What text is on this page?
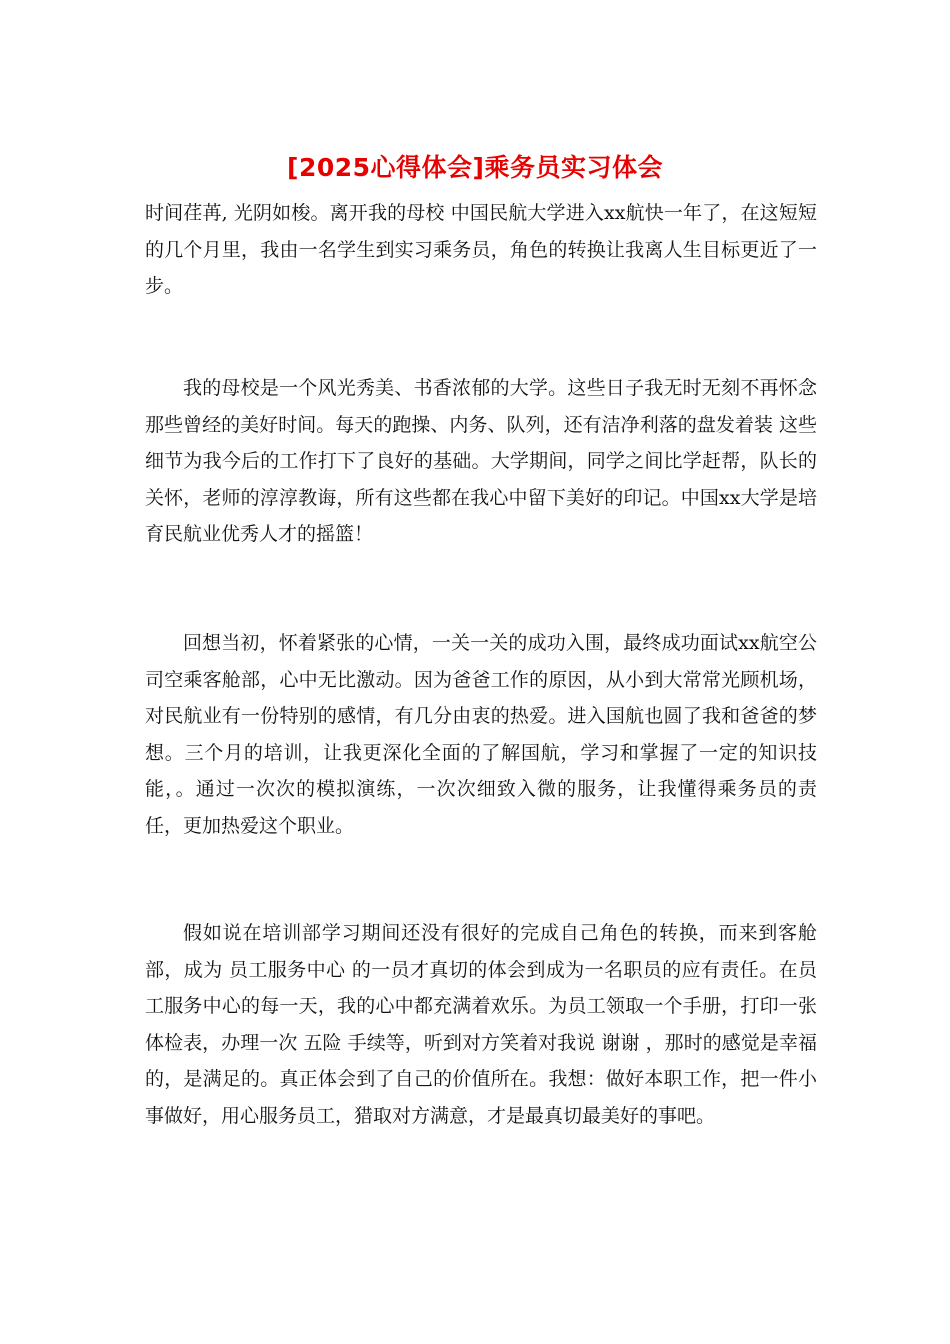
[2025心得体会]乘务员实习体会

时间荏苒, 光阴如梭。离开我的母校 中国民航大学进入xx航快一年了，在这短短的几个月里，我由一名学生到实习乘务员，角色的转换让我离人生目标更近了一步。

我的母校是一个风光秀美、书香浓郁的大学。这些日子我无时无刻不再怀念那些曾经的美好时间。每天的跑操、内务、队列，还有洁净利落的盘发着装 这些细节为我今后的工作打下了良好的基础。大学期间，同学之间比学赶帮，队长的关怀，老师的淳淳教诲，所有这些都在我心中留下美好的印记。中国xx大学是培育民航业优秀人才的摇篮！

回想当初，怀着紧张的心情，一关一关的成功入围，最终成功面试xx航空公司空乘客舱部，心中无比激动。因为爸爸工作的原因，从小到大常常光顾机场，对民航业有一份特别的感情，有几分由衷的热爱。进入国航也圆了我和爸爸的梦想。三个月的培训，让我更深化全面的了解国航，学习和掌握了一定的知识技能，。通过一次次的模拟演练，一次次细致入微的服务，让我懂得乘务员的责任，更加热爱这个职业。

假如说在培训部学习期间还没有很好的完成自己角色的转换，而来到客舱部，成为 员工服务中心 的一员才真切的体会到成为一名职员的应有责任。在员工服务中心的每一天，我的心中都充满着欢乐。为员工领取一个手册，打印一张体检表，办理一次 五险 手续等，听到对方笑着对我说 谢谢 ，那时的感觉是幸福的，是满足的。真正体会到了自己的价值所在。我想：做好本职工作，把一件小事做好，用心服务员工，猎取对方满意，才是最真切最美好的事吧。
